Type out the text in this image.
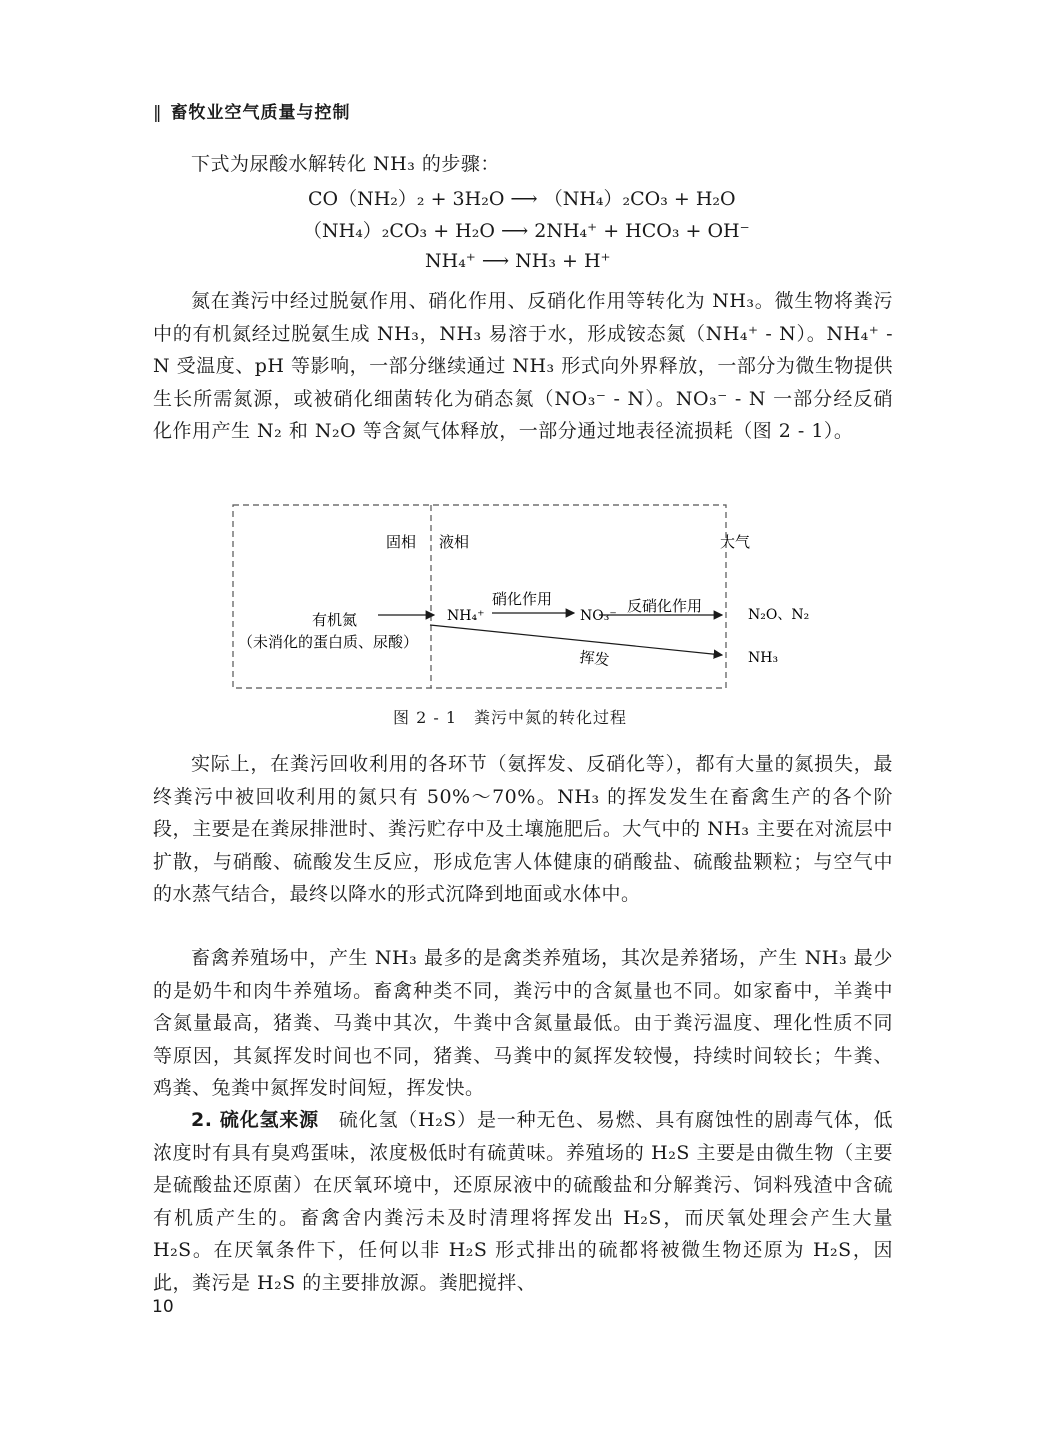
‖ 畜牧业空气质量与控制

下式为尿酸水解转化 NH₃ 的步骤：

CO（NH₂）₂ + 3H₂O ⟶ （NH₄）₂CO₃ + H₂O
（NH₄）₂CO₃ + H₂O ⟶ 2NH₄⁺ + HCO₃ + OH⁻
NH₄⁺ ⟶ NH₃ + H⁺

氮在粪污中经过脱氨作用、硝化作用、反硝化作用等转化为 NH₃。微生物将粪污中的有机氮经过脱氨生成 NH₃，NH₃ 易溶于水，形成铵态氮（NH₄⁺ - N）。NH₄⁺ - N 受温度、pH 等影响，一部分继续通过 NH₃ 形式向外界释放，一部分为微生物提供生长所需氮源，或被硝化细菌转化为硝态氮（NO₃⁻ - N）。NO₃⁻ - N 一部分经反硝化作用产生 N₂ 和 N₂O 等含氮气体释放，一部分通过地表径流损耗（图 2 - 1）。

固相 液相	大气
有机氮
（未消化的蛋白质、尿酸）
NH₄⁺
硝化作用
NO₃⁻
反硝化作用	N₂O、N₂
挥发	NH₃
图 2 - 1　粪污中氮的转化过程

实际上，在粪污回收利用的各环节（氨挥发、反硝化等），都有大量的氮损失，最终粪污中被回收利用的氮只有 50%～70%。NH₃ 的挥发发生在畜禽生产的各个阶段，主要是在粪尿排泄时、粪污贮存中及土壤施肥后。大气中的 NH₃ 主要在对流层中扩散，与硝酸、硫酸发生反应，形成危害人体健康的硝酸盐、硫酸盐颗粒；与空气中的水蒸气结合，最终以降水的形式沉降到地面或水体中。

畜禽养殖场中，产生 NH₃ 最多的是禽类养殖场，其次是养猪场，产生 NH₃ 最少的是奶牛和肉牛养殖场。畜禽种类不同，粪污中的含氮量也不同。如家畜中，羊粪中含氮量最高，猪粪、马粪中其次，牛粪中含氮量最低。由于粪污温度、理化性质不同等原因，其氮挥发时间也不同，猪粪、马粪中的氮挥发较慢，持续时间较长；牛粪、鸡粪、兔粪中氮挥发时间短，挥发快。

2. 硫化氢来源　 硫化氢（H₂S）是一种无色、易燃、具有腐蚀性的剧毒气体，低浓度时有具有臭鸡蛋味，浓度极低时有硫黄味。养殖场的 H₂S 主要是由微生物（主要是硫酸盐还原菌）在厌氧环境中，还原尿液中的硫酸盐和分解粪污、饲料残渣中含硫有机质产生的。畜禽舍内粪污未及时清理将挥发出 H₂S，而厌氧处理会产生大量 H₂S。在厌氧条件下，任何以非 H₂S 形式排出的硫都将被微生物还原为 H₂S，因此，粪污是 H₂S 的主要排放源。粪肥搅拌、

10
